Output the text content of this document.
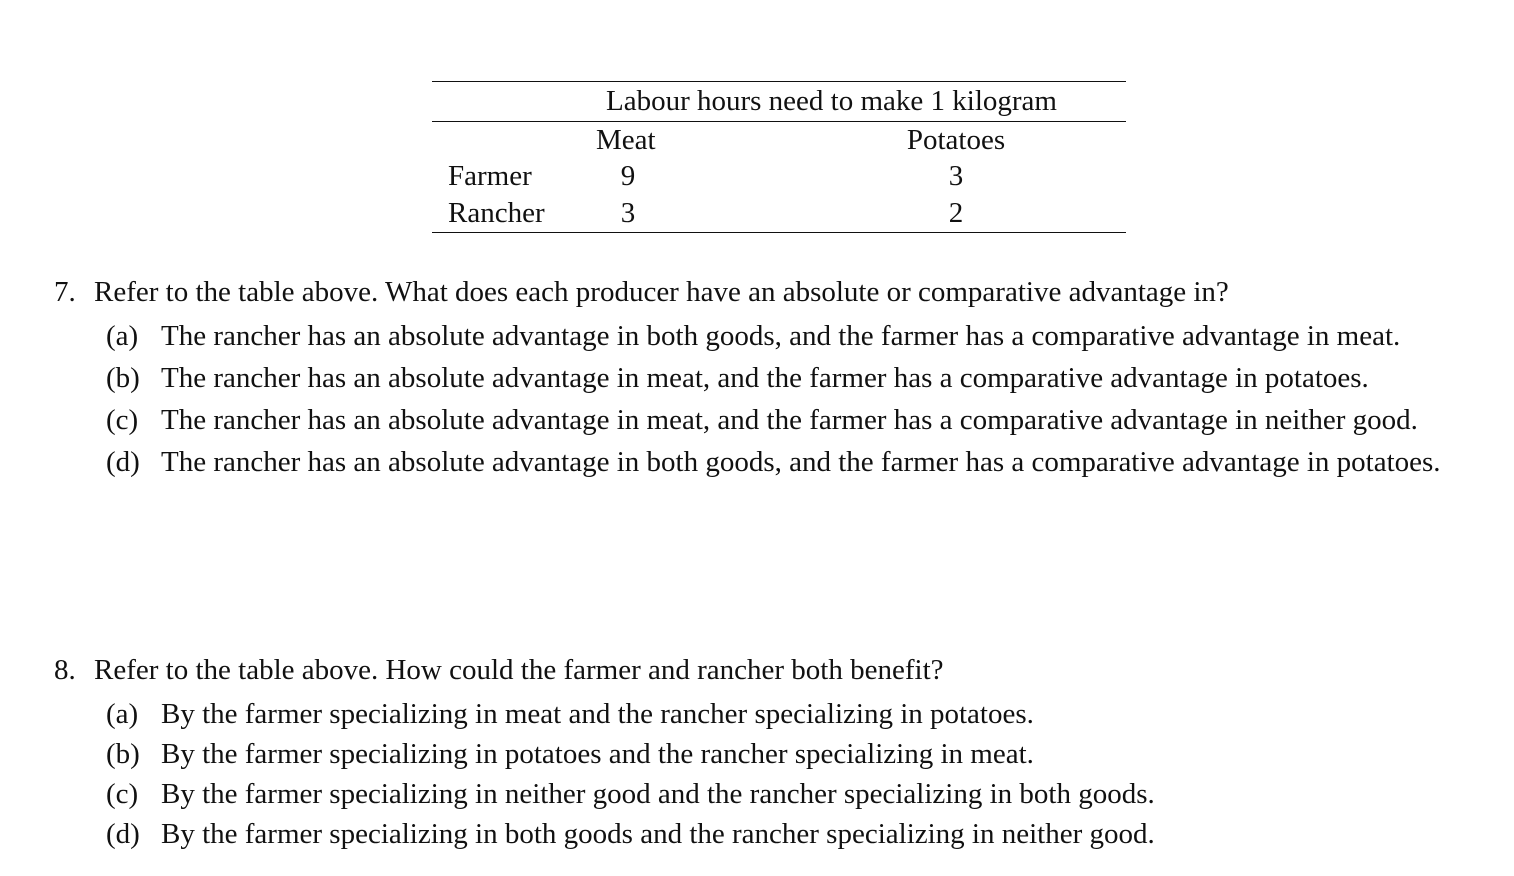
	Labour hours need to make 1 kilogram	
	Meat	Potatoes
Farmer	9	3
Rancher	3	2
7. Refer to the table above. What does each producer have an absolute or comparative advantage in?
(a) The rancher has an absolute advantage in both goods, and the farmer has a comparative advantage in meat.
(b) The rancher has an absolute advantage in meat, and the farmer has a comparative advantage in potatoes.
(c) The rancher has an absolute advantage in meat, and the farmer has a comparative advantage in neither good.
(d) The rancher has an absolute advantage in both goods, and the farmer has a comparative advantage in potatoes.
8. Refer to the table above. How could the farmer and rancher both benefit?
(a) By the farmer specializing in meat and the rancher specializing in potatoes.
(b) By the farmer specializing in potatoes and the rancher specializing in meat.
(c) By the farmer specializing in neither good and the rancher specializing in both goods.
(d) By the farmer specializing in both goods and the rancher specializing in neither good.
